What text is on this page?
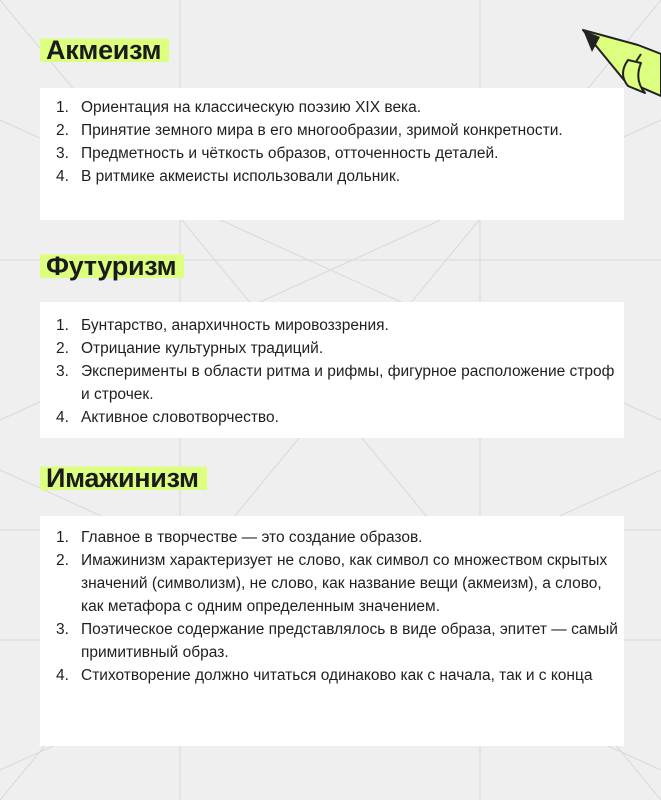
Акмеизм
1. Ориентация на классическую поэзию XIX века.
2. Принятие земного мира в его многообразии, зримой конкретности.
3. Предметность и чёткость образов, отточенность деталей.
4. В ритмике акмеисты использовали дольник.
Футуризм
1. Бунтарство, анархичность мировоззрения.
2. Отрицание культурных традиций.
3. Эксперименты в области ритма и рифмы, фигурное расположение строф и строчек.
4. Активное словотворчество.
Имажинизм
1. Главное в творчестве — это создание образов.
2. Имажинизм характеризует не слово, как символ со множеством скрытых значений (символизм), не слово, как название вещи (акмеизм), а слово, как метафора с одним определенным значением.
3. Поэтическое содержание представлялось в виде образа, эпитет — самый примитивный образ.
4. Стихотворение должно читаться одинаково как с начала, так и с конца
